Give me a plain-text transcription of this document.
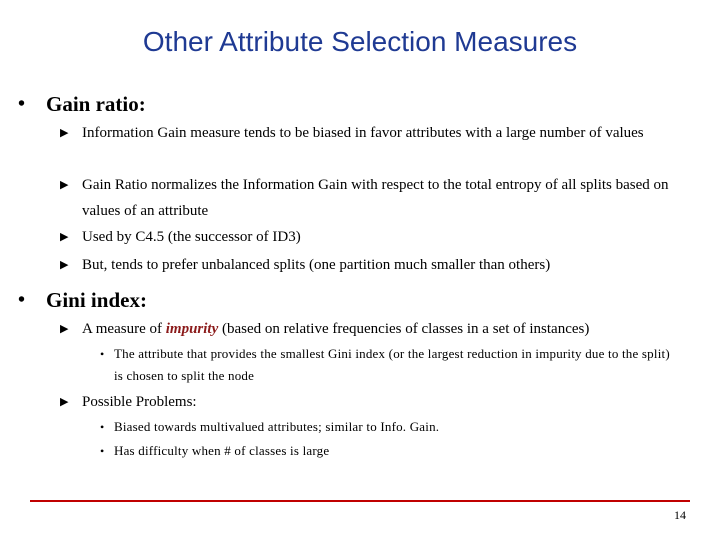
Other Attribute Selection Measures
• Gain ratio:
▶ Information Gain measure tends to be biased in favor attributes with a large number of values
▶ Gain Ratio normalizes the Information Gain with respect to the total entropy of all splits based on values of an attribute
▶ Used by C4.5 (the successor of ID3)
▶ But, tends to prefer unbalanced splits (one partition much smaller than others)
• Gini index:
▶ A measure of impurity (based on relative frequencies of classes in a set of instances)
• The attribute that provides the smallest Gini index (or the largest reduction in impurity due to the split) is chosen to split the node
▶ Possible Problems:
• Biased towards multivalued attributes; similar to Info. Gain.
• Has difficulty when # of classes is large
14
